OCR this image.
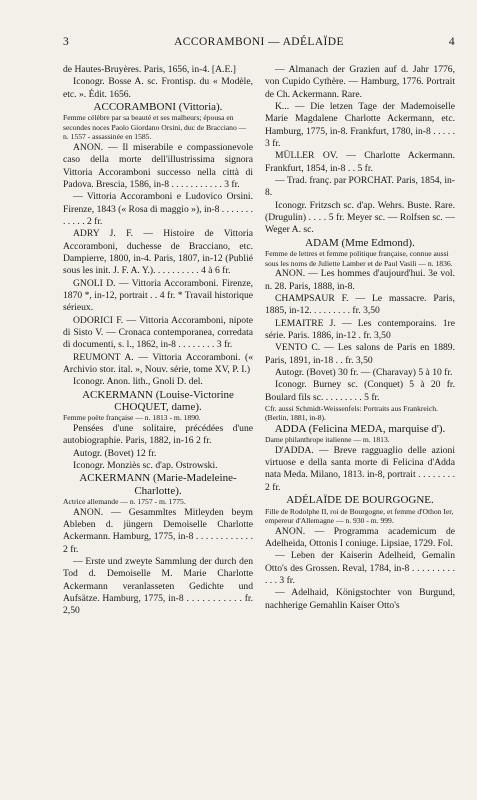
3	ACCORAMBONI — ADÉLAÏDE	4

de Hautes-Bruyères. Paris, 1656, in-4. [A.E.]

Iconogr. Bosse A. sc. Frontisp. du « Modèle, etc. ». Édit. 1656.

ACCORAMBONI (Vittoria).

Femme célèbre par sa beauté et ses malheurs; épousa en secondes noces Paolo Giordano Orsini, duc de Bracciano — n. 1557 - assassinée en 1585.

ANON. — Il miserabile e compassionevole caso della morte dell'illustrissima signora Vittoria Accoramboni successo nella città di Padova. Brescia, 1586, in-8 . . . . . . . . . . . 3 fr.

— Vittoria Accoramboni e Ludovico Orsini. Firenze, 1843 (« Rosa di maggio »), in-8 . . . . . . . . . . . . 2 fr.

ADRY J. F. — Histoire de Vittoria Accoramboni, duchesse de Bracciano, etc. Dampierre, 1800, in-4. Paris, 1807, in-12 (Publié sous les init. J. F. A. Y.). . . . . . . . . . 4 à 6 fr.

GNOLI D. — Vittoria Accoramboni. Firenze, 1870 *, in-12, portrait . . 4 fr. * Travail historique sérieux.

ODORICI F. — Vittoria Accoramboni, nipote di Sisto V. — Cronaca contemporanea, corredata di documenti, s. l., 1862, in-8 . . . . . . . . 3 fr.

REUMONT A. — Vittoria Accoramboni. (« Archivio stor. ital. », Nouv. série, tome XV, P. I.)

Iconogr. Anon. lith., Gnoli D. del.

ACKERMANN (Louise-Victorine CHOQUET, dame).

Femme poète française — n. 1813 - m. 1890.

Pensées d'une solitaire, précédées d'une autobiographie. Paris, 1882, in-16 2 fr.

Autogr. (Bovet) 12 fr.

Iconogr. Monziès sc. d'ap. Ostrowski.

ACKERMANN (Marie-Madeleine-Charlotte).

Actrice allemande — n. 1757 - m. 1775.

ANON. — Gesammltes Mitleyden beym Ableben d. jüngern Demoiselle Charlotte Ackermann. Hamburg, 1775, in-8 . . . . . . . . . . . . 2 fr.

— Erste und zweyte Sammlung der durch den Tod d. Demoiselle M. Marie Charlotte Ackermann veranlasseten Gedichte und Aufsätze. Hamburg, 1775, in-8 . . . . . . . . . . . fr. 2,50

— Almanach der Grazien auf d. Jahr 1776, von Cupido Cythère. — Hamburg, 1776. Portrait de Ch. Ackermann. Rare.

K... — Die letzen Tage der Mademoiselle Marie Magdalene Charlotte Ackermann, etc. Hamburg, 1775, in-8. Frankfurt, 1780, in-8 . . . . . 3 fr.

MÜLLER OV. — Charlotte Ackermann. Frankfurt, 1854, in-8 . . 5 fr.

— Trad. franç. par PORCHAT. Paris, 1854, in-8.

Iconogr. Fritzsch sc. d'ap. Wehrs. Buste. Rare. (Drugulin) . . . . 5 fr. Meyer sc. — Rolfsen sc. — Weger A. sc.

ADAM (Mme Edmond).

Femme de lettres et femme politique française, connue aussi sous les noms de Juliette Lamber et de Paul Vasili — n. 1836.

ANON. — Les hommes d'aujourd'hui. 3e vol. n. 28. Paris, 1888, in-8.

CHAMPSAUR F. — Le massacre. Paris, 1885, in-12. . . . . . . . . fr. 3,50

LEMAITRE J. — Les contemporains. 1re série. Paris. 1886, in-12 . fr. 3,50

VENTO C. — Les salons de Paris en 1889. Paris, 1891, in-18 . . fr. 3,50

Autogr. (Bovet) 30 fr. — (Charavay) 5 à 10 fr.

Iconogr. Burney sc. (Conquet) 5 à 20 fr. Boulard fils sc. . . . . . . . . 5 fr.

Cfr. aussi Schmidt-Weissenfels: Portraits aus Frankreich. (Berlin, 1881, in-8).

ADDA (Felicina MEDA, marquise d').

Dame philanthrope italienne — m. 1813.

D'ADDA. — Breve ragguaglio delle azioni virtuose e della santa morte di Felicina d'Adda nata Meda. Milano, 1813. in-8, portrait . . . . . . . . 2 fr.

ADÉLAÏDE DE BOURGOGNE.

Fille de Rodolphe II, roi de Bourgogne, et femme d'Othon Ier, empereur d'Allemagne — n. 930 - m. 999.

ANON. — Programma academicum de Adelheida, Ottonis I coniuge. Lipsiae, 1729. Fol.

— Leben der Kaiserin Adelheid, Gemalin Otto's des Grossen. Reval, 1784, in-8 . . . . . . . . . . . . 3 fr.

— Adelhaid, Königstochter von Burgund, nachherige Gemahlin Kaiser Otto's
